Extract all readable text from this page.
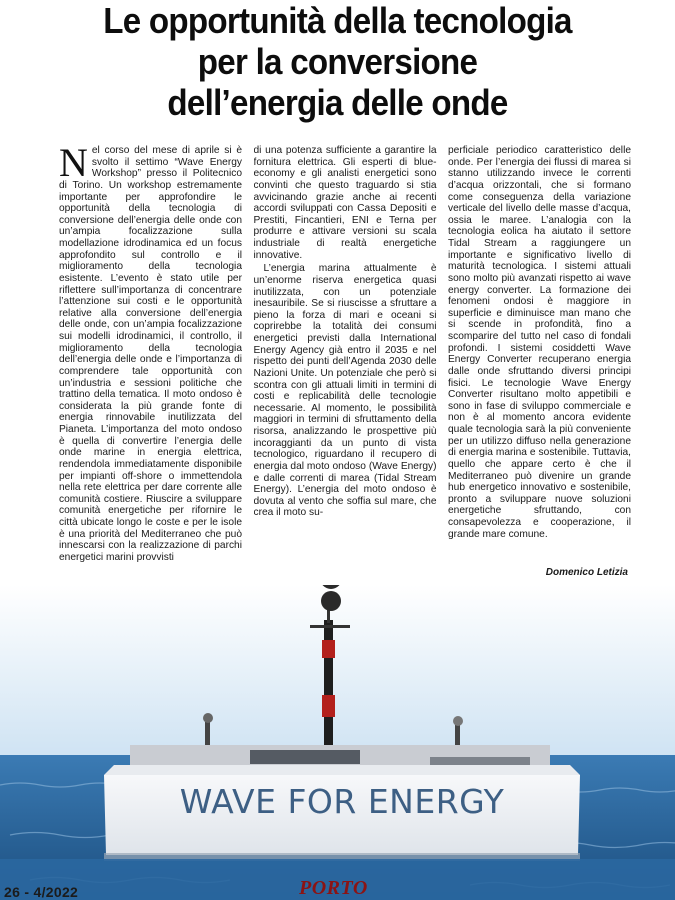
Le opportunità della tecnologia
per la conversione
dell’energia delle onde

Nel corso del mese di aprile si è svolto il settimo “Wave Energy Workshop” presso il Politecnico di Torino. Un workshop estremamente importante per approfondire le opportunità della tecnologia di conversione dell’energia delle onde con un’ampia focalizzazione sulla modellazione idrodinamica ed un focus approfondito sul controllo e il miglioramento della tecnologia esistente. L’evento è stato utile per riflettere sull’importanza di concentrare l’attenzione sui costi e le opportunità relative alla conversione dell’energia delle onde, con un’ampia focalizzazione sui modelli idrodinamici, il controllo, il miglioramento della tecnologia dell’energia delle onde e l’importanza di comprendere tale opportunità con un’industria e sessioni politiche che trattino della tematica. Il moto ondoso è considerata la più grande fonte di energia rinnovabile inutilizzata del Pianeta. L’importanza del moto ondoso è quella di convertire l’energia delle onde marine in energia elettrica, rendendola immediatamente disponibile per impianti off-shore o immettendola nella rete elettrica per dare corrente alle comunità costiere. Riuscire a sviluppare comunità energetiche per rifornire le città ubicate longo le coste e per le isole è una priorità del Mediterraneo che può innescarsi con la realizzazione di parchi energetici marini provvisti

di una potenza sufficiente a garantire la fornitura elettrica. Gli esperti di blue-economy e gli analisti energetici sono convinti che questo traguardo si stia avvicinando grazie anche ai recenti accordi sviluppati con Cassa Depositi e Prestiti, Fincantieri, ENI e Terna per produrre e attivare versioni su scala industriale di realtà energetiche innovative.

L’energia marina attualmente è un’enorme riserva energetica quasi inutilizzata, con un potenziale inesauribile. Se si riuscisse a sfruttare a pieno la forza di mari e oceani si coprirebbe la totalità dei consumi energetici previsti dalla International Energy Agency già entro il 2035 e nel rispetto dei punti dell’Agenda 2030 delle Nazioni Unite. Un potenziale che però si scontra con gli attuali limiti in termini di costi e replicabilità delle tecnologie necessarie. Al momento, le possibilità maggiori in termini di sfruttamento della risorsa, analizzando le prospettive più incoraggianti da un punto di vista tecnologico, riguardano il recupero di energia dal moto ondoso (Wave Energy) e dalle correnti di marea (Tidal Stream Energy). L’energia del moto ondoso è dovuta al vento che soffia sul mare, che crea il moto su-

perficiale periodico caratteristico delle onde. Per l’energia dei flussi di marea si stanno utilizzando invece le correnti d’acqua orizzontali, che si formano come conseguenza della variazione verticale del livello delle masse d’acqua, ossia le maree. L’analogia con la tecnologia eolica ha aiutato il settore Tidal Stream a raggiungere un importante e significativo livello di maturità tecnologica. I sistemi attuali sono molto più avanzati rispetto ai wave energy converter. La formazione dei fenomeni ondosi è maggiore in superficie e diminuisce man mano che si scende in profondità, fino a scomparire del tutto nel caso di fondali profondi. I sistemi cosiddetti Wave Energy Converter recuperano energia dalle onde sfruttando diversi principi fisici. Le tecnologie Wave Energy Converter risultano molto appetibili e sono in fase di sviluppo commerciale e non è al momento ancora evidente quale tecnologia sarà la più conveniente per un utilizzo diffuso nella generazione di energia marina e sostenibile. Tuttavia, quello che appare certo è che il Mediterraneo può divenire un grande hub energetico innovativo e sostenibile, pronto a sviluppare nuove soluzioni energetiche sfruttando, con consapevolezza e cooperazione, il grande mare comune.

Domenico Letizia
WAVE FOR ENERGY
26 - 4/2022	PORTO
